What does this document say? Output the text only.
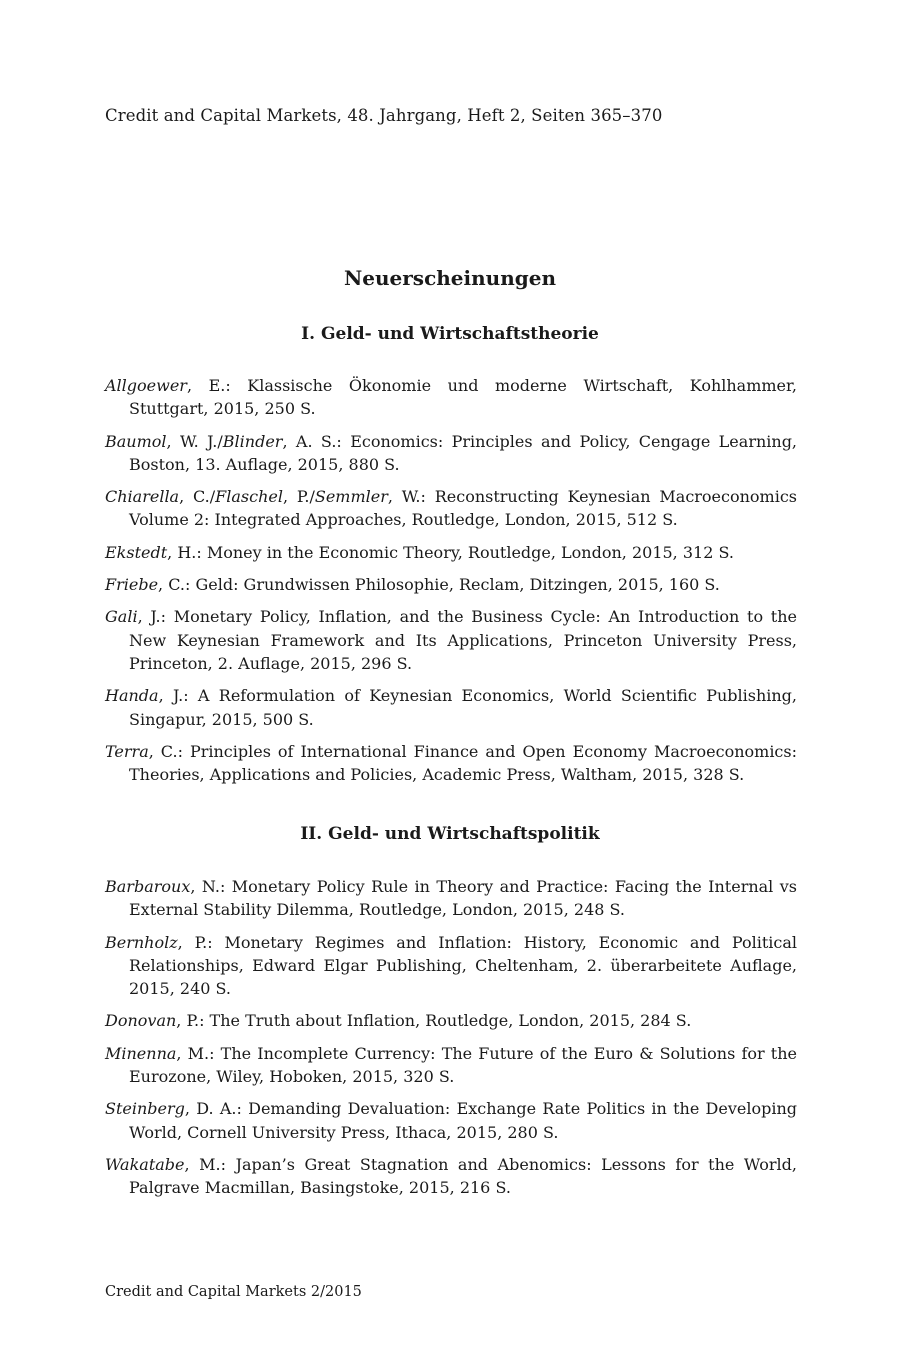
Credit and Capital Markets, 48. Jahrgang, Heft 2, Seiten 365–370
Neuerscheinungen
I. Geld- und Wirtschaftstheorie

Allgoewer, E.: Klassische Ökonomie und moderne Wirtschaft, Kohlhammer, Stuttgart, 2015, 250 S.

Baumol, W. J./Blinder, A. S.: Economics: Principles and Policy, Cengage Learning, Boston, 13. Auflage, 2015, 880 S.

Chiarella, C./Flaschel, P./Semmler, W.: Reconstructing Keynesian Macroeconomics Volume 2: Integrated Approaches, Routledge, London, 2015, 512 S.

Ekstedt, H.: Money in the Economic Theory, Routledge, London, 2015, 312 S.

Friebe, C.: Geld: Grundwissen Philosophie, Reclam, Ditzingen, 2015, 160 S.

Gali, J.: Monetary Policy, Inflation, and the Business Cycle: An Introduction to the New Keynesian Framework and Its Applications, Princeton University Press, Princeton, 2. Auflage, 2015, 296 S.

Handa, J.: A Reformulation of Keynesian Economics, World Scientific Publishing, Singapur, 2015, 500 S.

Terra, C.: Principles of International Finance and Open Economy Macroeconomics: Theories, Applications and Policies, Academic Press, Waltham, 2015, 328 S.

II. Geld- und Wirtschaftspolitik

Barbaroux, N.: Monetary Policy Rule in Theory and Practice: Facing the Internal vs External Stability Dilemma, Routledge, London, 2015, 248 S.

Bernholz, P.: Monetary Regimes and Inflation: History, Economic and Political Relationships, Edward Elgar Publishing, Cheltenham, 2. überarbeitete Auflage, 2015, 240 S.

Donovan, P.: The Truth about Inflation, Routledge, London, 2015, 284 S.

Minenna, M.: The Incomplete Currency: The Future of the Euro & Solutions for the Eurozone, Wiley, Hoboken, 2015, 320 S.

Steinberg, D. A.: Demanding Devaluation: Exchange Rate Politics in the Developing World, Cornell University Press, Ithaca, 2015, 280 S.

Wakatabe, M.: Japan’s Great Stagnation and Abenomics: Lessons for the World, Palgrave Macmillan, Basingstoke, 2015, 216 S.

Credit and Capital Markets 2/2015
